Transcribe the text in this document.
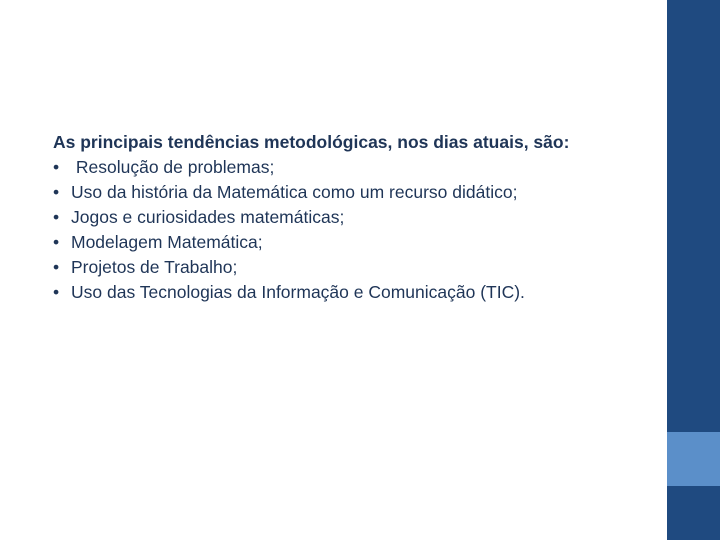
As principais tendências metodológicas, nos dias atuais, são:

• Resolução de problemas;
• Uso da história da Matemática como um recurso didático;
• Jogos e curiosidades matemáticas;
• Modelagem Matemática;
• Projetos de Trabalho;
• Uso das Tecnologias da Informação e Comunicação (TIC).
